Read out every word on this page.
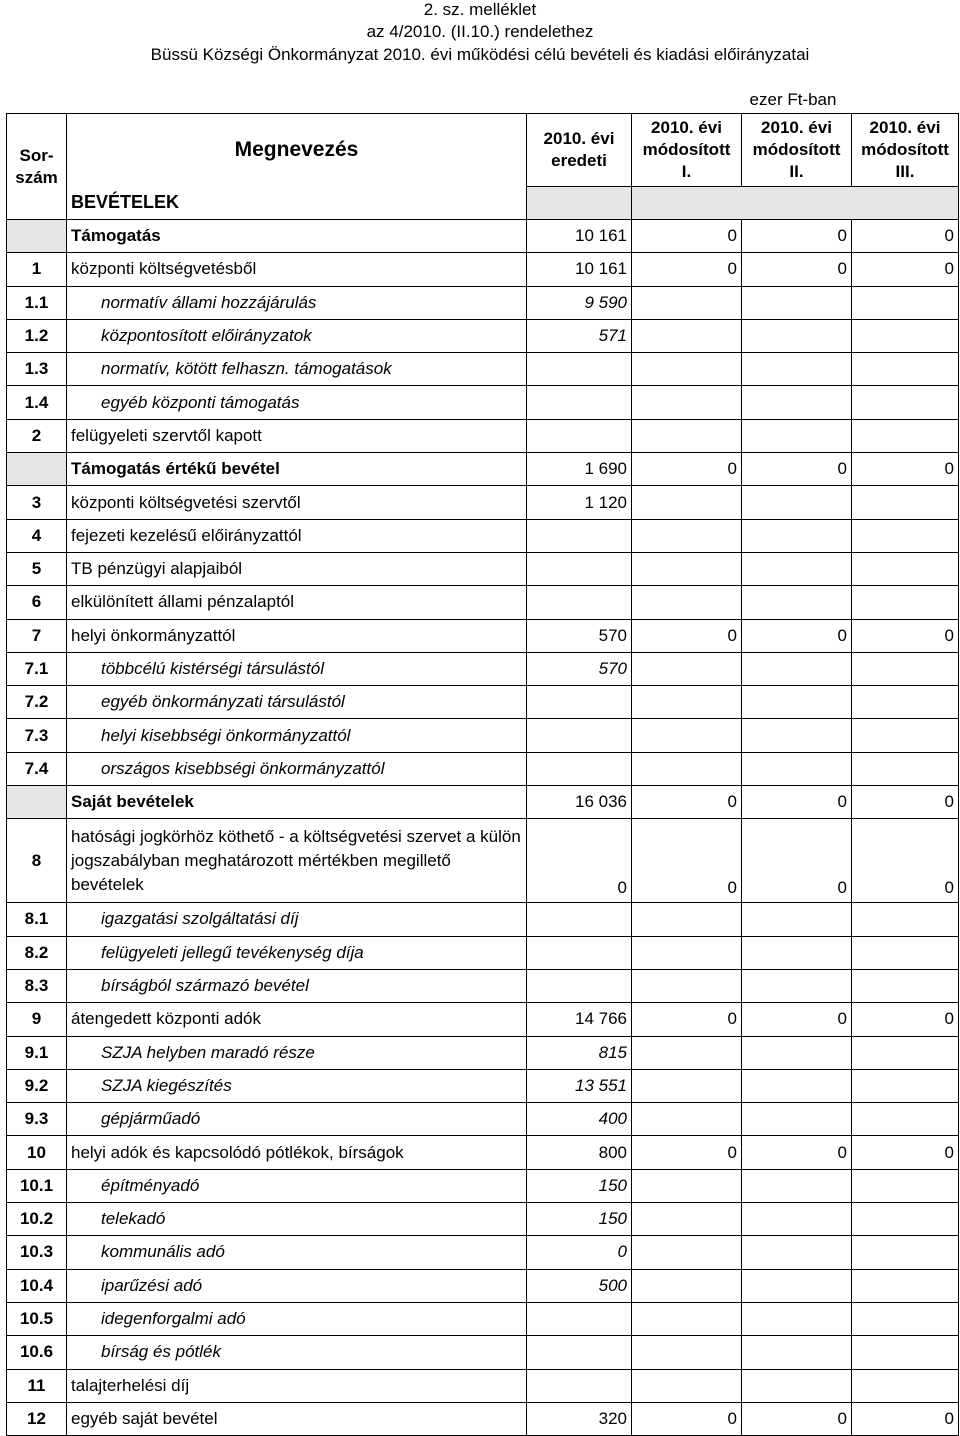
2. sz. melléklet
az 4/2010. (II.10.) rendelethez
Büssü Községi Önkormányzat 2010. évi működési célú bevételi és kiadási előirányzatai
ezer Ft-ban
Sor-szám	Megnevezés	2010. évi eredeti	2010. évi módosított I.	2010. évi módosított II.	2010. évi módosított III.
	BEVÉTELEK				
	Támogatás	10 161	0	0	0
1	központi költségvetésből	10 161	0	0	0
1.1	normatív állami hozzájárulás	9 590			
1.2	központosított előirányzatok	571			
1.3	normatív, kötött felhaszn. támogatások				
1.4	egyéb központi támogatás				
2	felügyeleti szervtől kapott				
	Támogatás értékű bevétel	1 690	0	0	0
3	központi költségvetési szervtől	1 120			
4	fejezeti kezelésű előirányzattól				
5	TB pénzügyi alapjaiból				
6	elkülönített állami pénzalaptól				
7	helyi önkormányzattól	570	0	0	0
7.1	többcélú kistérségi társulástól	570			
7.2	egyéb önkormányzati társulástól				
7.3	helyi kisebbségi önkormányzattól				
7.4	országos kisebbségi önkormányzattól				
	Saját bevételek	16 036	0	0	0
8	hatósági jogkörhöz köthető - a költségvetési szervet a külön jogszabályban meghatározott mértékben megillető bevételek	0	0	0	0
8.1	igazgatási szolgáltatási díj				
8.2	felügyeleti jellegű tevékenység díja				
8.3	bírságból származó bevétel				
9	átengedett központi adók	14 766	0	0	0
9.1	SZJA helyben maradó része	815			
9.2	SZJA kiegészítés	13 551			
9.3	gépjárműadó	400			
10	helyi adók és kapcsolódó pótlékok, bírságok	800	0	0	0
10.1	építményadó	150			
10.2	telekadó	150			
10.3	kommunális adó	0			
10.4	iparűzési adó	500			
10.5	idegenforgalmi adó				
10.6	bírság és pótlék				
11	talajterhelési díj				
12	egyéb saját bevétel	320	0	0	0
